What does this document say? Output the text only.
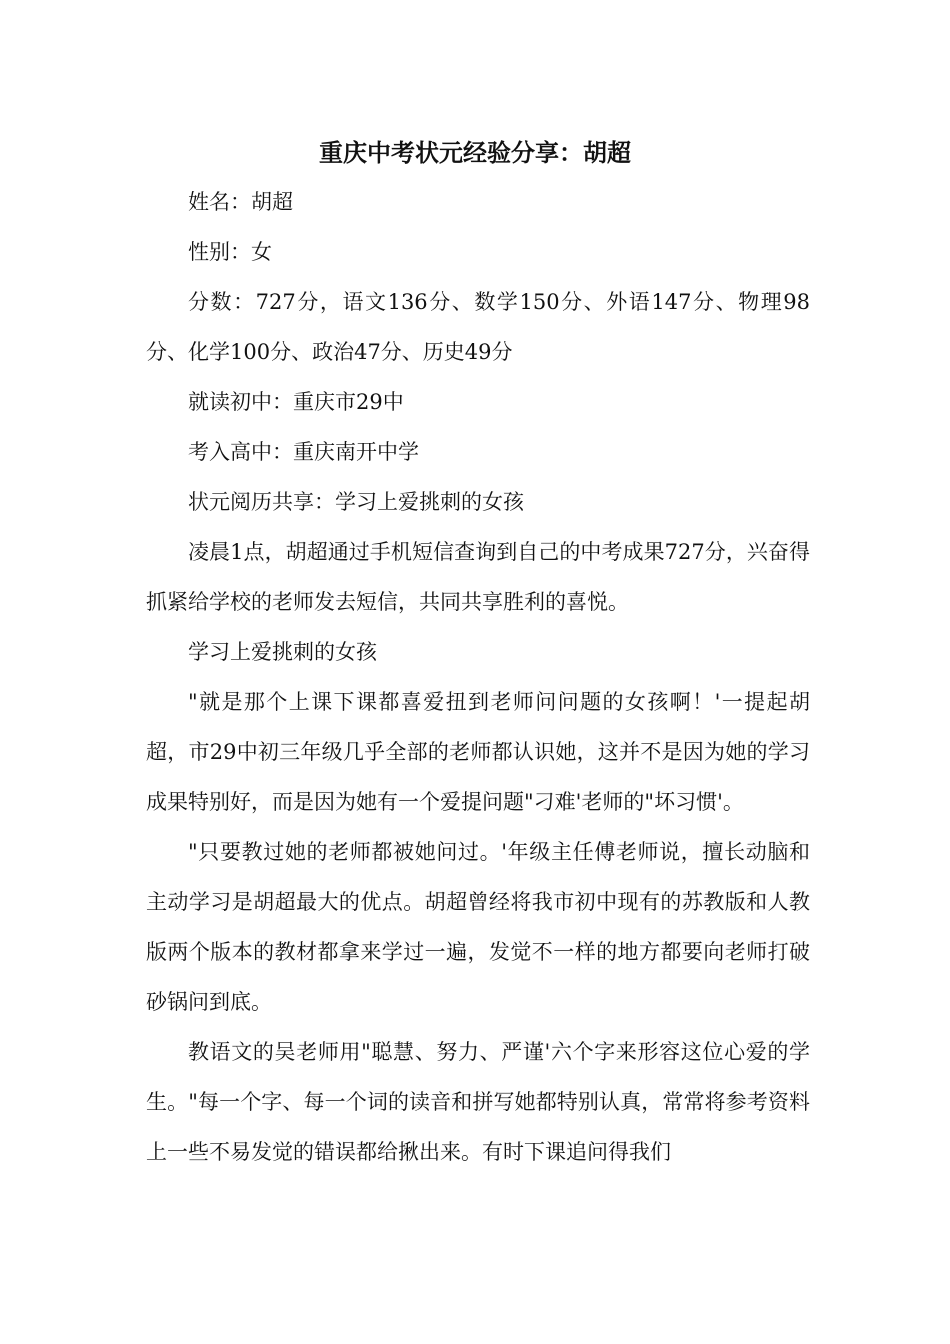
重庆中考状元经验分享：胡超

姓名：胡超

性别：女

分数：727分，语文136分、数学150分、外语147分、物理98分、化学100分、政治47分、历史49分

就读初中：重庆市29中

考入高中：重庆南开中学

状元阅历共享：学习上爱挑刺的女孩

凌晨1点，胡超通过手机短信查询到自己的中考成果727分，兴奋得抓紧给学校的老师发去短信，共同共享胜利的喜悦。

学习上爱挑刺的女孩

"就是那个上课下课都喜爱扭到老师问问题的女孩啊！'一提起胡超，市29中初三年级几乎全部的老师都认识她，这并不是因为她的学习成果特别好，而是因为她有一个爱提问题"刁难'老师的"坏习惯'。

"只要教过她的老师都被她问过。'年级主任傅老师说，擅长动脑和主动学习是胡超最大的优点。胡超曾经将我市初中现有的苏教版和人教版两个版本的教材都拿来学过一遍，发觉不一样的地方都要向老师打破砂锅问到底。

教语文的吴老师用"聪慧、努力、严谨'六个字来形容这位心爱的学生。"每一个字、每一个词的读音和拼写她都特别认真，常常将参考资料上一些不易发觉的错误都给揪出来。有时下课追问得我们
